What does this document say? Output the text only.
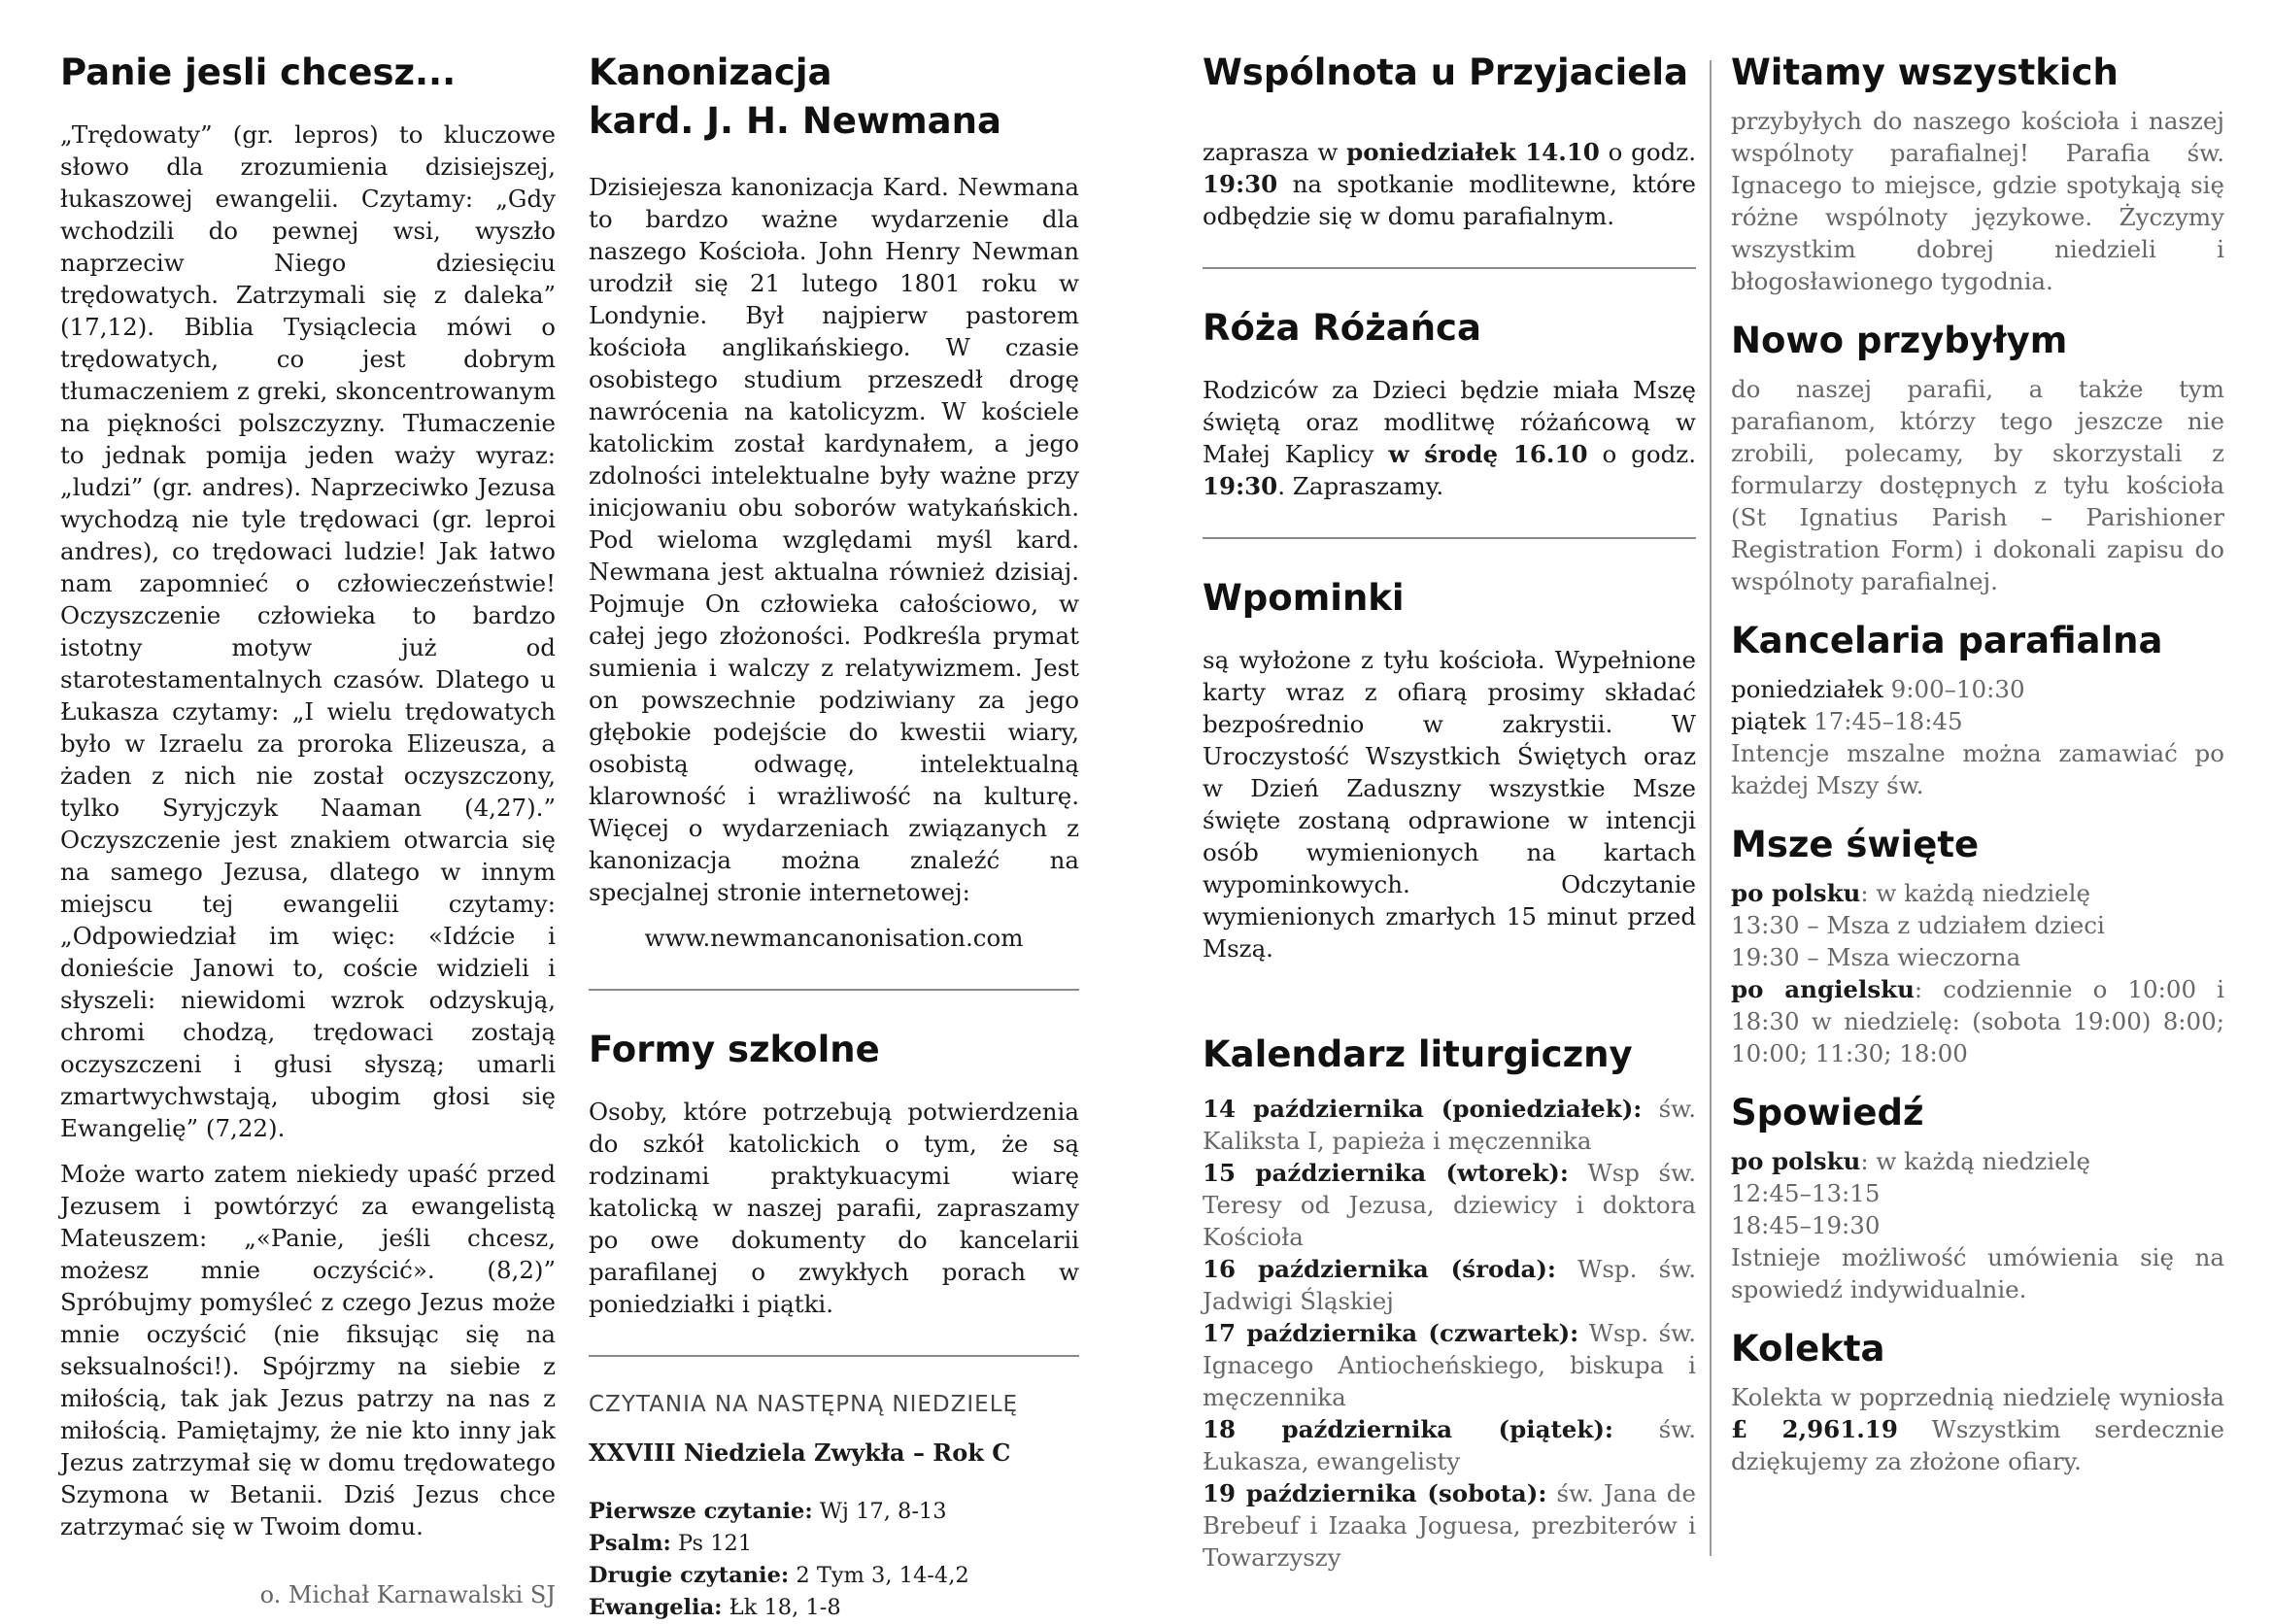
Panie jesli chcesz...

„Trędowaty” (gr. lepros) to kluczowe słowo dla zrozumienia dzisiejszej, łukaszowej ewangelii. Czytamy: „Gdy wchodzili do pewnej wsi, wyszło naprzeciw Niego dziesięciu trędowatych. Zatrzymali się z daleka” (17,12). Biblia Tysiąclecia mówi o trędowatych, co jest dobrym tłumaczeniem z greki, skoncentrowanym na piękności polszczyzny. Tłumaczenie to jednak pomija jeden waży wyraz: „ludzi” (gr. andres). Naprzeciwko Jezusa wychodzą nie tyle trędowaci (gr. leproi andres), co trędowaci ludzie! Jak łatwo nam zapomnieć o człowieczeństwie! Oczyszczenie człowieka to bardzo istotny motyw już od starotestamentalnych czasów. Dlatego u Łukasza czytamy: „I wielu trędowatych było w Izraelu za proroka Elizeusza, a żaden z nich nie został oczyszczony, tylko Syryjczyk Naaman (4,27).” Oczyszczenie jest znakiem otwarcia się na samego Jezusa, dlatego w innym miejscu tej ewangelii czytamy: „Odpowiedział im więc: «Idźcie i donieście Janowi to, coście widzieli i słyszeli: niewidomi wzrok odzyskują, chromi chodzą, trędowaci zostają oczyszczeni i głusi słyszą; umarli zmartwychwstają, ubogim głosi się Ewangelię” (7,22).

Może warto zatem niekiedy upaść przed Jezusem i powtórzyć za ewangelistą Mateuszem: „«Panie, jeśli chcesz, możesz mnie oczyścić». (8,2)” Spróbujmy pomyśleć z czego Jezus może mnie oczyścić (nie fiksując się na seksualności!). Spójrzmy na siebie z miłością, tak jak Jezus patrzy na nas z miłością. Pamiętajmy, że nie kto inny jak Jezus zatrzymał się w domu trędowatego Szymona w Betanii. Dziś Jezus chce zatrzymać się w Twoim domu.

o. Michał Karnawalski SJ
Kanonizacja
kard. J. H. Newmana

Dzisiejesza kanonizacja Kard. Newmana to bardzo ważne wydarzenie dla naszego Kościoła. John Henry Newman urodził się 21 lutego 1801 roku w Londynie. Był najpierw pastorem kościoła anglikańskiego. W czasie osobistego studium przeszedł drogę nawrócenia na katolicyzm. W kościele katolickim został kardynałem, a jego zdolności intelektualne były ważne przy inicjowaniu obu soborów watykańskich. Pod wieloma względami myśl kard. Newmana jest aktualna również dzisiaj. Pojmuje On człowieka całościowo, w całej jego złożoności. Podkreśla prymat sumienia i walczy z relatywizmem. Jest on powszechnie podziwiany za jego głębokie podejście do kwestii wiary, osobistą odwagę, intelektualną klarowność i wrażliwość na kulturę. Więcej o wydarzeniach związanych z kanonizacja można znaleźć na specjalnej stronie internetowej:

www.newmancanonisation.com

Formy szkolne

Osoby, które potrzebują potwierdzenia do szkół katolickich o tym, że są rodzinami praktykuacymi wiarę katolicką w naszej parafii, zapraszamy po owe dokumenty do kancelarii parafilanej o zwykłych porach w poniedziałki i piątki.

CZYTANIA NA NASTĘPNĄ NIEDZIELĘ
XXVIII Niedziela Zwykła – Rok C
Pierwsze czytanie: Wj 17, 8-13
Psalm: Ps 121
Drugie czytanie: 2 Tym 3, 14-4,2
Ewangelia: Łk 18, 1-8
Wspólnota u Przyjaciela

zaprasza w poniedziałek 14.10 o godz. 19:30 na spotkanie modlitewne, które odbędzie się w domu parafialnym.

Róża Różańca

Rodziców za Dzieci będzie miała Mszę świętą oraz modlitwę różańcową w Małej Kaplicy w środę 16.10 o godz. 19:30. Zapraszamy.

Wpominki

są wyłożone z tyłu kościoła. Wypełnione karty wraz z ofiarą prosimy składać bezpośrednio w zakrystii. W Uroczystość Wszystkich Świętych oraz w Dzień Zaduszny wszystkie Msze święte zostaną odprawione w intencji osób wymienionych na kartach wypominkowych. Odczytanie wymienionych zmarłych 15 minut przed Mszą.

Kalendarz liturgiczny

14 października (poniedziałek): św. Kaliksta I, papieża i męczennika

15 października (wtorek): Wsp św. Teresy od Jezusa, dziewicy i doktora Kościoła

16 października (środa): Wsp. św. Jadwigi Śląskiej

17 października (czwartek): Wsp. św. Ignacego Antiocheńskiego, biskupa i męczennika

18 października (piątek): św. Łukasza, ewangelisty

19 października (sobota): św. Jana de Brebeuf i Izaaka Joguesa, prezbiterów i Towarzyszy

Witamy wszystkich

przybyłych do naszego kościoła i naszej wspólnoty parafialnej! Parafia św. Ignacego to miejsce, gdzie spotykają się różne wspólnoty językowe. Życzymy wszystkim dobrej niedzieli i błogosławionego tygodnia.

Nowo przybyłym

do naszej parafii, a także tym parafianom, którzy tego jeszcze nie zrobili, polecamy, by skorzystali z formularzy dostępnych z tyłu kościoła (St Ignatius Parish – Parishioner Registration Form) i dokonali zapisu do wspólnoty parafialnej.

Kancelaria parafialna
poniedziałek 9:00–10:30
piątek 17:45–18:45

Intencje mszalne można zamawiać po każdej Mszy św.

Msze święte
po polsku: w każdą niedzielę
13:30 – Msza z udziałem dzieci
19:30 – Msza wieczorna

po angielsku: codziennie o 10:00 i 18:30 w niedzielę: (sobota 19:00) 8:00; 10:00; 11:30; 18:00

Spowiedź
po polsku: w każdą niedzielę
12:45–13:15
18:45–19:30

Istnieje możliwość umówienia się na spowiedź indywidualnie.

Kolekta

Kolekta w poprzednią niedzielę wyniosła £ 2,961.19 Wszystkim serdecznie dziękujemy za złożone ofiary.
